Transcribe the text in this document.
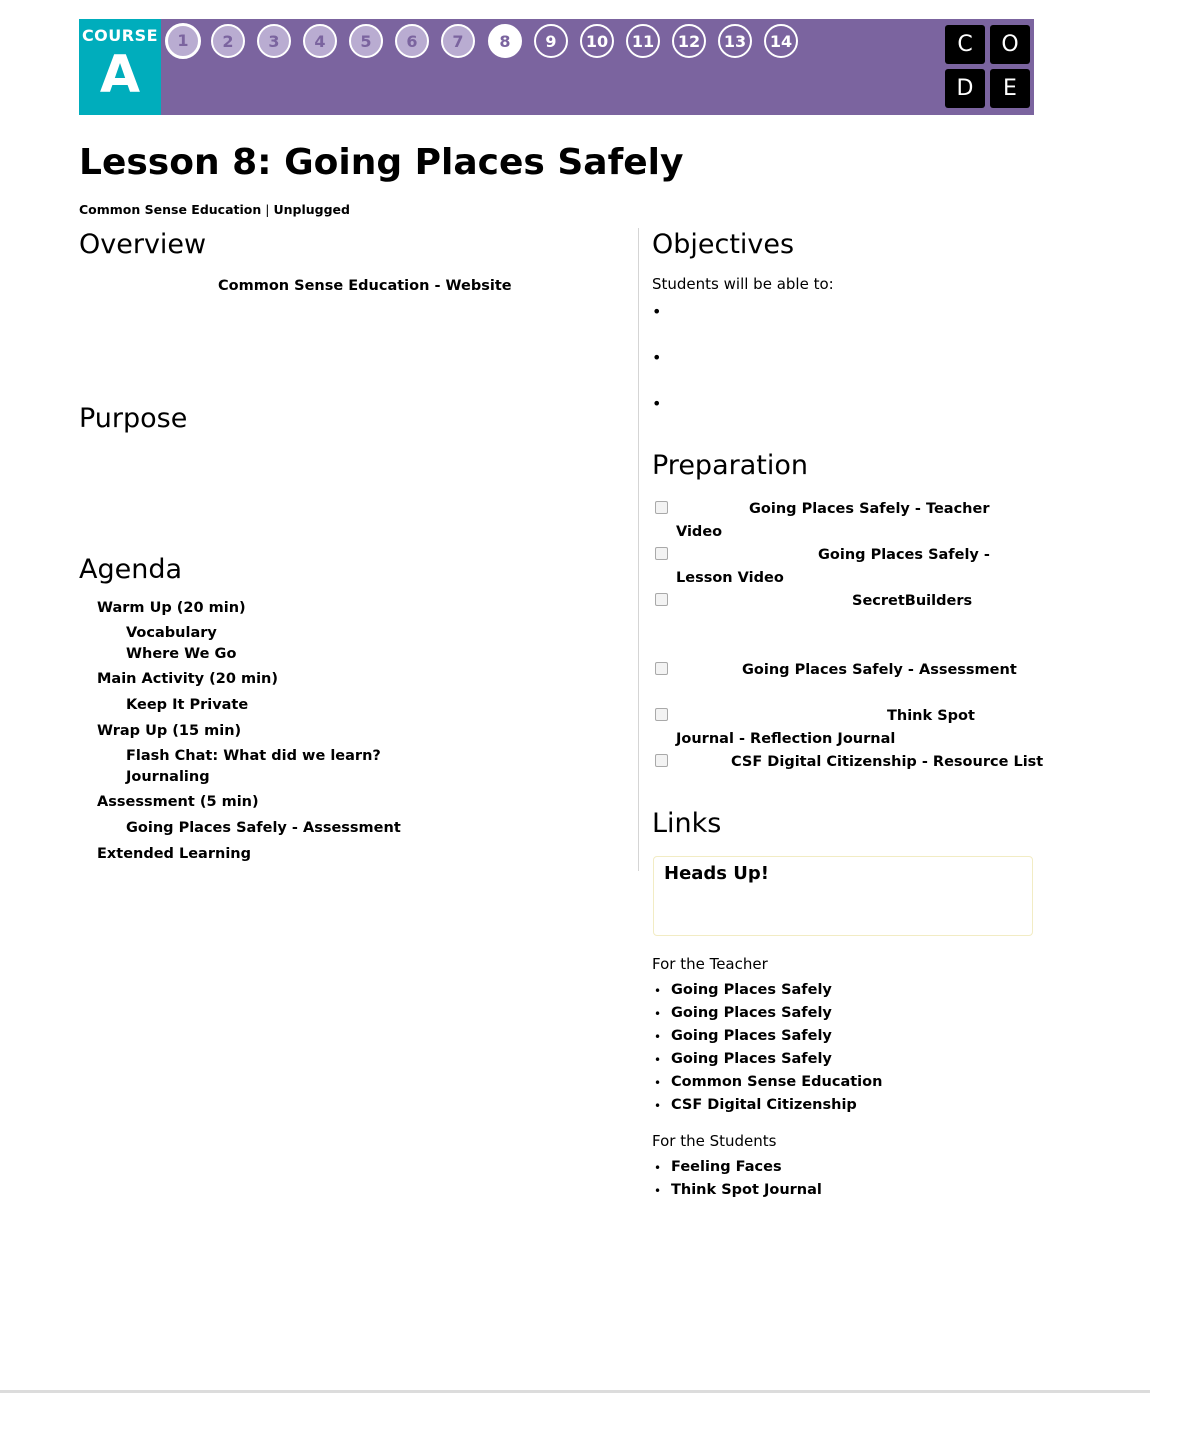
COURSE
A
1	2	3	4	5	6	7	8	9	10	11	12	13	14	C	O
D	E
Lesson 8: Going Places Safely
Common Sense Education | Unplugged
Overview
Common Sense Education - Website
Purpose
Agenda
Warm Up (20 min)
Vocabulary
Where We Go
Main Activity (20 min)
Keep It Private
Wrap Up (15 min)
Flash Chat: What did we learn?
Journaling
Assessment (5 min)
Going Places Safely - Assessment
Extended Learning
Objectives
Students will be able to:
•
•
•
Preparation
Going Places Safely - Teacher
Video
Going Places Safely -
Lesson Video
SecretBuilders
Going Places Safely - Assessment
Think Spot
Journal - Reflection Journal
CSF Digital Citizenship - Resource List
Links
Heads Up!
For the Teacher
• Going Places Safely
• Going Places Safely
• Going Places Safely
• Going Places Safely
• Common Sense Education
• CSF Digital Citizenship
For the Students
• Feeling Faces
• Think Spot Journal
